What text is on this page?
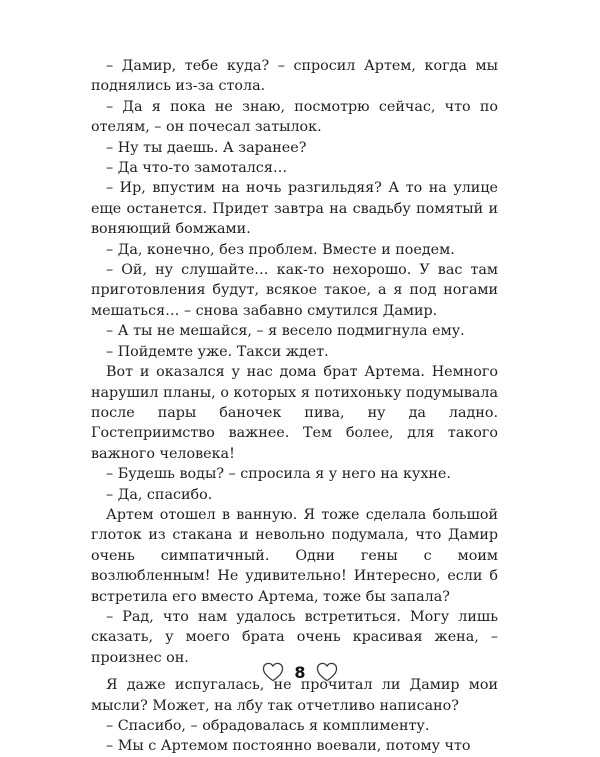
– Дамир, тебе куда? – спросил Артем, когда мы поднялись из-за стола.

– Да я пока не знаю, посмотрю сейчас, что по отелям, – он почесал затылок.

– Ну ты даешь. А заранее?

– Да что-то замотался…

– Ир, впустим на ночь разгильдяя? А то на улице еще останется. Придет завтра на свадьбу помятый и воняющий бомжами.

– Да, конечно, без проблем. Вместе и поедем.

– Ой, ну слушайте… как-то нехорошо. У вас там приготовления будут, всякое такое, а я под ногами мешаться… – снова забавно смутился Дамир.

– А ты не мешайся, – я весело подмигнула ему.

– Пойдемте уже. Такси ждет.

Вот и оказался у нас дома брат Артема. Немного нарушил планы, о которых я потихоньку подумывала после пары баночек пива, ну да ладно. Гостеприимство важнее. Тем более, для такого важного человека!

– Будешь воды? – спросила я у него на кухне.

– Да, спасибо.

Артем отошел в ванную. Я тоже сделала большой глоток из стакана и невольно подумала, что Дамир очень симпатичный. Одни гены с моим возлюбленным! Не удивительно! Интересно, если б встретила его вместо Артема, тоже бы запала?

– Рад, что нам удалось встретиться. Могу лишь сказать, у моего брата очень красивая жена, – произнес он.

Я даже испугалась, не прочитал ли Дамир мои мысли? Может, на лбу так отчетливо написано?

– Спасибо, – обрадовалась я комплименту.

– Мы с Артемом постоянно воевали, потому что

8
